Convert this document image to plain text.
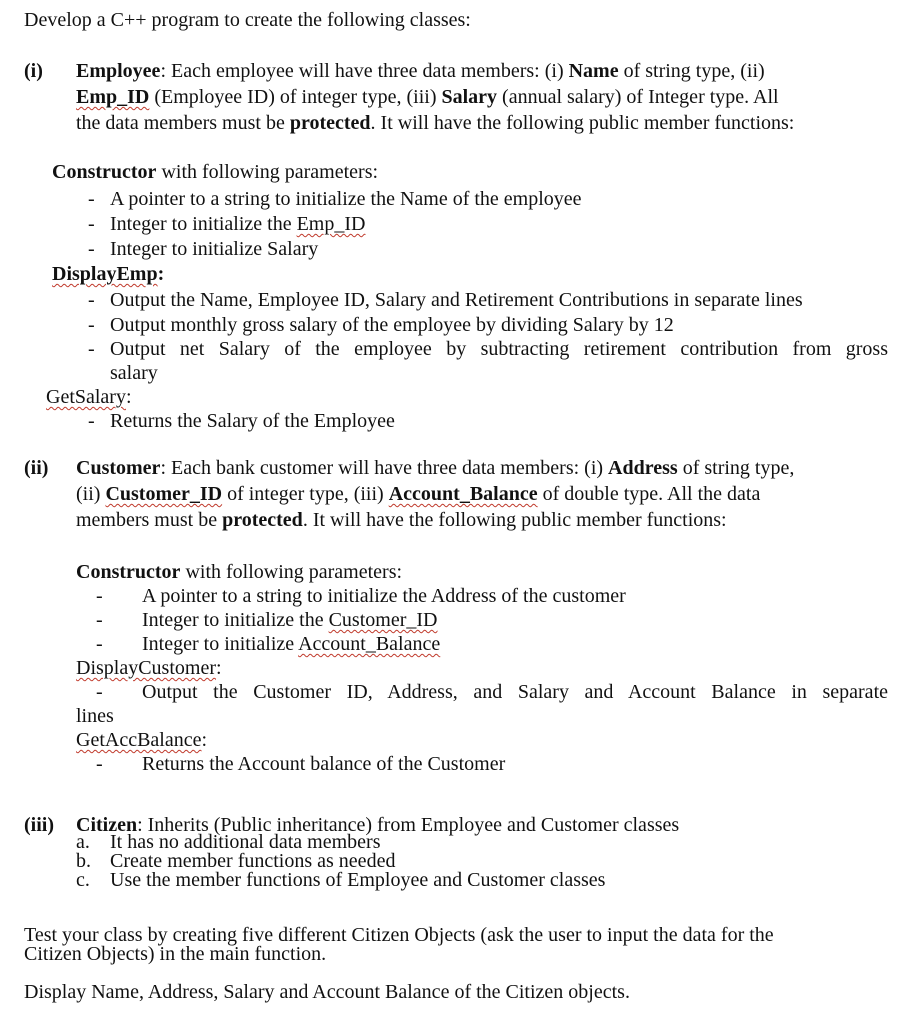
Develop a C++ program to create the following classes:
(i) Employee: Each employee will have three data members: (i) Name of string type, (ii)
Emp_ID (Employee ID) of integer type, (iii) Salary (annual salary) of Integer type. All
the data members must be protected. It will have the following public member functions:
Constructor with following parameters:
- A pointer to a string to initialize the Name of the employee
- Integer to initialize the Emp_ID
- Integer to initialize Salary
DisplayEmp:
- Output the Name, Employee ID, Salary and Retirement Contributions in separate lines
- Output monthly gross salary of the employee by dividing Salary by 12
- Output net Salary of the employee by subtracting retirement contribution from gross
salary
GetSalary:
- Returns the Salary of the Employee
(ii) Customer: Each bank customer will have three data members: (i) Address of string type,
(ii) Customer_ID of integer type, (iii) Account_Balance of double type. All the data
members must be protected. It will have the following public member functions:
Constructor with following parameters:
- A pointer to a string to initialize the Address of the customer
- Integer to initialize the Customer_ID
- Integer to initialize Account_Balance
DisplayCustomer:
- Output the Customer ID, Address, and Salary and Account Balance in separate
lines
GetAccBalance:
- Returns the Account balance of the Customer
(iii) Citizen: Inherits (Public inheritance) from Employee and Customer classes
a. It has no additional data members
b. Create member functions as needed
c. Use the member functions of Employee and Customer classes
Test your class by creating five different Citizen Objects (ask the user to input the data for the
Citizen Objects) in the main function.
Display Name, Address, Salary and Account Balance of the Citizen objects.
